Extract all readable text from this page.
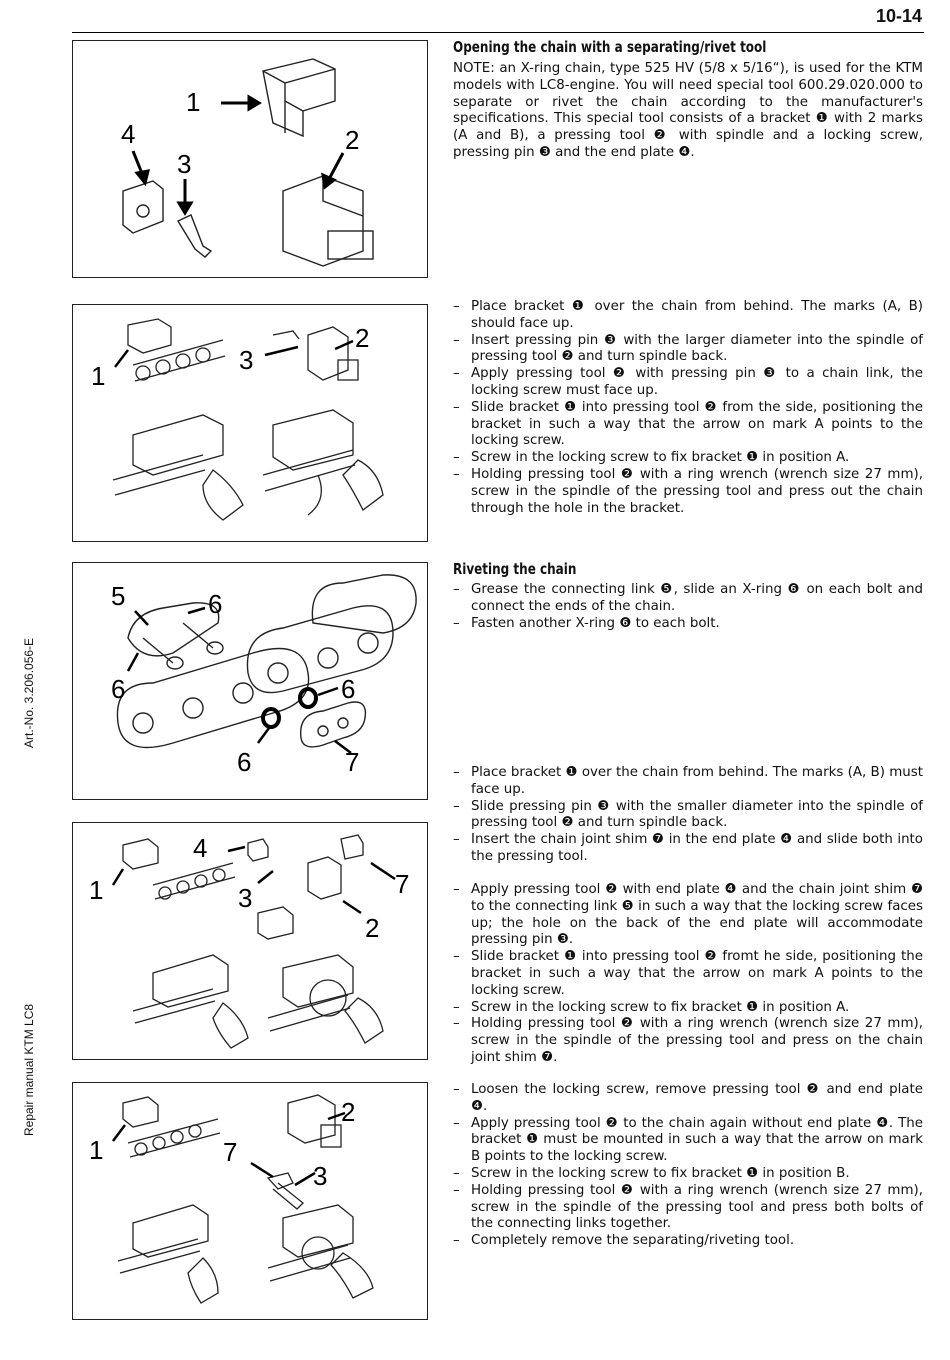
10-14
Art.-No. 3.206.056-E
Repair manual KTM LC8
1
2
3
4
Opening the chain with a separating/rivet tool
NOTE: an X-ring chain, type 525 HV (5/8 x 5/16“), is used for the KTM models with LC8-engine. You will need special tool 600.29.020.000 to separate or rivet the chain according to the manufacturer's specifications. This special tool consists of a bracket ❶ with 2 marks (A and B), a pressing tool ❷ with spindle and a locking screw, pressing pin ❸ and the end plate ❹.
1
2
3
– Place bracket ❶ over the chain from behind. The marks (A, B) should face up.
– Insert pressing pin ❸ with the larger diameter into the spindle of pressing tool ❷ and turn spindle back.
– Apply pressing tool ❷ with pressing pin ❸ to a chain link, the locking screw must face up.
– Slide bracket ❶ into pressing tool ❷ from the side, positioning the bracket in such a way that the arrow on mark A points to the locking screw.
– Screw in the locking screw to fix bracket ❶ in position A.
– Holding pressing tool ❷ with a ring wrench (wrench size 27 mm), screw in the spindle of the pressing tool and press out the chain through the hole in the bracket.
5	6
6	6
6	7
Riveting the chain
– Grease the connecting link ❺, slide an X-ring ❻ on each bolt and connect the ends of the chain.
– Fasten another X-ring ❻ to each bolt.
4
1	3	7
2
– Place bracket ❶ over the chain from behind. The marks (A, B) must face up.
– Slide pressing pin ❸ with the smaller diameter into the spindle of pressing tool ❷ and turn spindle back.
– Insert the chain joint shim ❼ in the end plate ❹ and slide both into the pressing tool.
– Apply pressing tool ❷ with end plate ❹ and the chain joint shim ❼ to the connecting link ❺ in such a way that the locking screw faces up; the hole on the back of the end plate will accommodate pressing pin ❸.
– Slide bracket ❶ into pressing tool ❷ fromt he side, positioning the bracket in such a way that the arrow on mark A points to the locking screw.
– Screw in the locking screw to fix bracket ❶ in position A.
– Holding pressing tool ❷ with a ring wrench (wrench size 27 mm), screw in the spindle of the pressing tool and press on the chain joint shim ❼.
2
1	7
3
– Loosen the locking screw, remove pressing tool ❷ and end plate ❹.
– Apply pressing tool ❷ to the chain again without end plate ❹. The bracket ❶ must be mounted in such a way that the arrow on mark B points to the locking screw.
– Screw in the locking screw to fix bracket ❶ in position B.
– Holding pressing tool ❷ with a ring wrench (wrench size 27 mm), screw in the spindle of the pressing tool and press both bolts of the connecting links together.
– Completely remove the separating/riveting tool.
